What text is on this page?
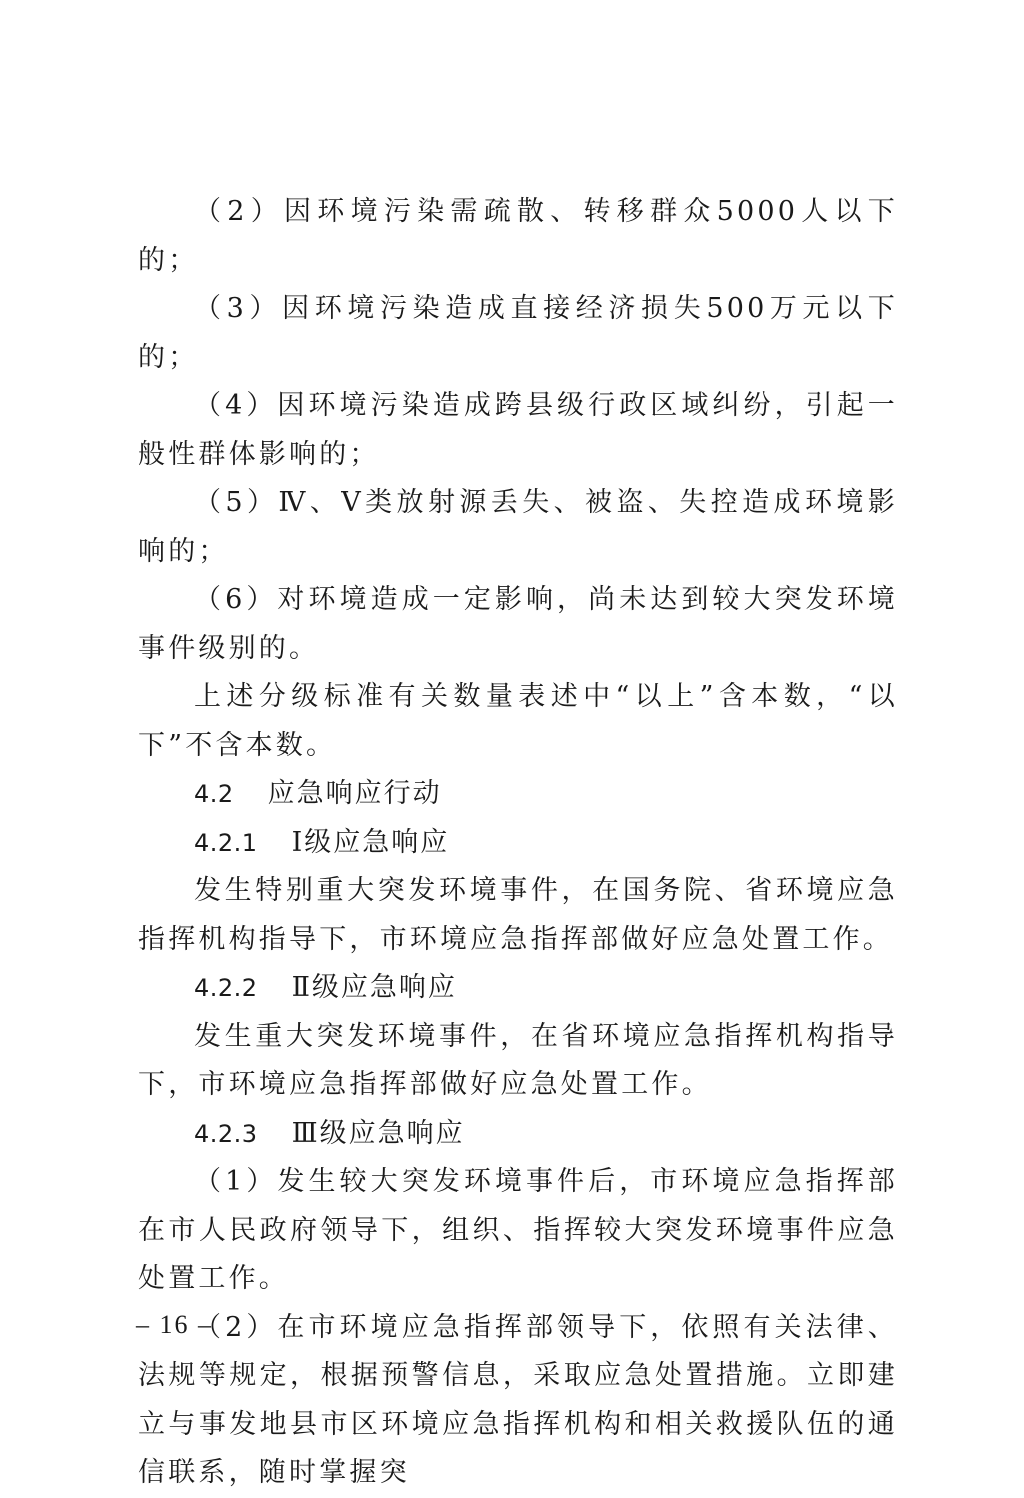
（2）因环境污染需疏散、转移群众5000人以下的；

（3）因环境污染造成直接经济损失500万元以下的；

（4）因环境污染造成跨县级行政区域纠纷，引起一般性群体影响的；

（5）Ⅳ、Ⅴ类放射源丢失、被盗、失控造成环境影响的；

（6）对环境造成一定影响，尚未达到较大突发环境事件级别的。

上述分级标准有关数量表述中“以上”含本数，“以下”不含本数。

4.2 应急响应行动

4.2.1 Ⅰ级应急响应

发生特别重大突发环境事件，在国务院、省环境应急指挥机构指导下，市环境应急指挥部做好应急处置工作。

4.2.2 Ⅱ级应急响应

发生重大突发环境事件，在省环境应急指挥机构指导下，市环境应急指挥部做好应急处置工作。

4.2.3 Ⅲ级应急响应

（1）发生较大突发环境事件后，市环境应急指挥部在市人民政府领导下，组织、指挥较大突发环境事件应急处置工作。

（2）在市环境应急指挥部领导下，依照有关法律、法规等规定，根据预警信息，采取应急处置措施。立即建立与事发地县市区环境应急指挥机构和相关救援队伍的通信联系，随时掌握突

– 16 –
